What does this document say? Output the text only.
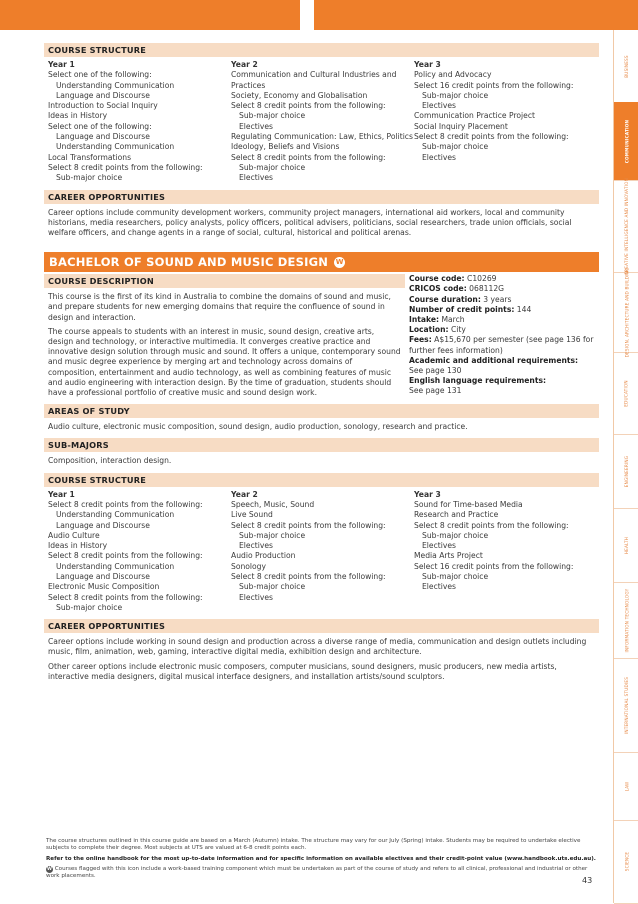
BUSINESS
COMMUNICATION
CREATIVE INTELLIGENCE AND INNOVATION
DESIGN, ARCHITECTURE AND BUILDING
EDUCATION
ENGINEERING
HEALTH
INFORMATION TECHNOLOGY
INTERNATIONAL STUDIES
LAW
SCIENCE
COURSE STRUCTURE
Year 1
Select one of the following:
Understanding Communication
Language and Discourse
Introduction to Social Inquiry
Ideas in History
Select one of the following:
Language and Discourse
Understanding Communication
Local Transformations
Select 8 credit points from the following:
Sub-major choice
Year 2
Communication and Cultural Industries and Practices
Society, Economy and Globalisation
Select 8 credit points from the following:
Sub-major choice
Electives
Regulating Communication: Law, Ethics, Politics
Ideology, Beliefs and Visions
Select 8 credit points from the following:
Sub-major choice
Electives
Year 3
Policy and Advocacy
Select 16 credit points from the following:
Sub-major choice
Electives
Communication Practice Project
Social Inquiry Placement
Select 8 credit points from the following:
Sub-major choice
Electives
CAREER OPPORTUNITIES
Career options include community development workers, community project managers, international aid workers, local and community historians, media researchers, policy analysts, policy officers, political advisers, politicians, social researchers, trade union officials, social welfare officers, and change agents in a range of social, cultural, historical and political arenas.
BACHELOR OF SOUND AND MUSIC DESIGN W
COURSE DESCRIPTION
This course is the first of its kind in Australia to combine the domains of sound and music, and prepare students for new emerging domains that require the confluence of sound in design and interaction.
The course appeals to students with an interest in music, sound design, creative arts, design and technology, or interactive multimedia. It converges creative practice and innovative design solution through music and sound. It offers a unique, contemporary sound and music degree experience by merging art and technology across domains of composition, entertainment and audio technology, as well as combining features of music and audio engineering with interaction design. By the time of graduation, students should have a professional portfolio of creative music and sound design work.
Course code: C10269
CRICOS code: 068112G
Course duration: 3 years
Number of credit points: 144
Intake: March
Location: City
Fees: A$15,670 per semester (see page 136 for further fees information)
Academic and additional requirements:
See page 130
English language requirements:
See page 131
AREAS OF STUDY
Audio culture, electronic music composition, sound design, audio production, sonology, research and practice.
SUB-MAJORS
Composition, interaction design.
COURSE STRUCTURE
Year 1
Select 8 credit points from the following:
Understanding Communication
Language and Discourse
Audio Culture
Ideas in History
Select 8 credit points from the following:
Understanding Communication
Language and Discourse
Electronic Music Composition
Select 8 credit points from the following:
Sub-major choice
Year 2
Speech, Music, Sound
Live Sound
Select 8 credit points from the following:
Sub-major choice
Electives
Audio Production
Sonology
Select 8 credit points from the following:
Sub-major choice
Electives
Year 3
Sound for Time-based Media
Research and Practice
Select 8 credit points from the following:
Sub-major choice
Electives
Media Arts Project
Select 16 credit points from the following:
Sub-major choice
Electives
CAREER OPPORTUNITIES
Career options include working in sound design and production across a diverse range of media, communication and design outlets including music, film, animation, web, gaming, interactive digital media, exhibition design and architecture.
Other career options include electronic music composers, computer musicians, sound designers, music producers, new media artists, interactive media designers, digital musical interface designers, and installation artists/sound sculptors.

The course structures outlined in this course guide are based on a March (Autumn) intake. The structure may vary for our July (Spring) intake. Students may be required to undertake elective subjects to complete their degree. Most subjects at UTS are valued at 6-8 credit points each.

Refer to the online handbook for the most up-to-date information and for specific information on available electives and their credit-point value (www.handbook.uts.edu.au).

W Courses flagged with this icon include a work-based training component which must be undertaken as part of the course of study and refers to all clinical, professional and industrial or other work placements.	43
